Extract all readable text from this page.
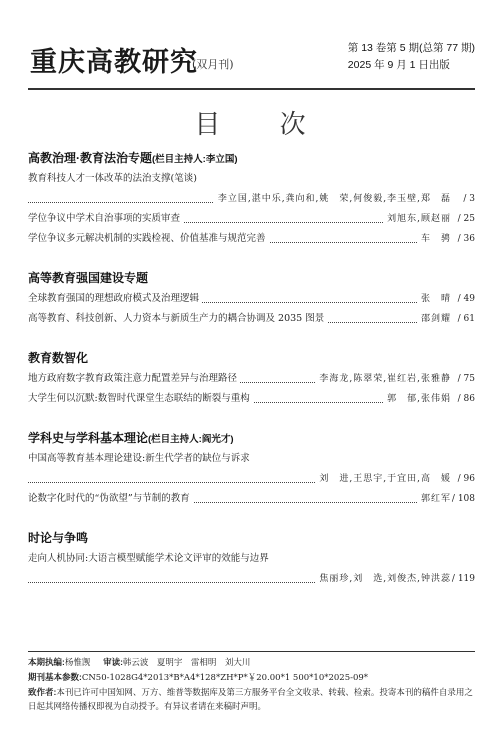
重庆高教研究
(双月刊)
第 13 卷第 5 期(总第 77 期)
2025 年 9 月 1 日出版
目 次
高教治理·教育法治专题(栏目主持人:李立国)
教育科技人才一体改革的法治支撑(笔谈)
李立国,湛中乐,龚向和,姚　荣,何俊毅,李玉壁,郑　磊 / 3
学位争议中学术自治事项的实质审查	刘旭东,顾赵丽 / 25
学位争议多元解决机制的实践检视、价值基准与规范完善	车　骋 / 36
高等教育强国建设专题
全球教育强国的理想政府模式及治理逻辑	张　晴 / 49
高等教育、科技创新、人力资本与新质生产力的耦合协调及 2035 图景	邵剑耀 / 61
教育数智化
地方政府数字教育政策注意力配置差异与治理路径	李海龙,陈翠荣,崔红岩,张雅静 / 75
大学生何以沉默:数智时代课堂生态联结的断裂与重构	郭　郁,张伟娟 / 86
学科史与学科基本理论(栏目主持人:阎光才)
中国高等教育基本理论建设:新生代学者的缺位与诉求
刘　进,王思宇,于宜田,高　媛 / 96
论数字化时代的“伪欲望”与节制的教育	郭红军/ 108
时论与争鸣
走向人机协同:大语言模型赋能学术论文评审的效能与边界
焦丽珍,刘　选,刘俊杰,钟洪蕊/ 119
本期执编:杨惟觊 审读:韩云波　夏明宇　雷相明　刘大川
期刊基本参数:CN50-1028G4*2013*B*A4*128*ZH*P*￥20.00*1 500*10*2025-09*
致作者:本刊已许可中国知网、万方、维普等数据库及第三方服务平台全文收录、转载、检索。投寄本刊的稿件自录用之日起其网络传播权即视为自动授予。有异议者请在来稿时声明。
